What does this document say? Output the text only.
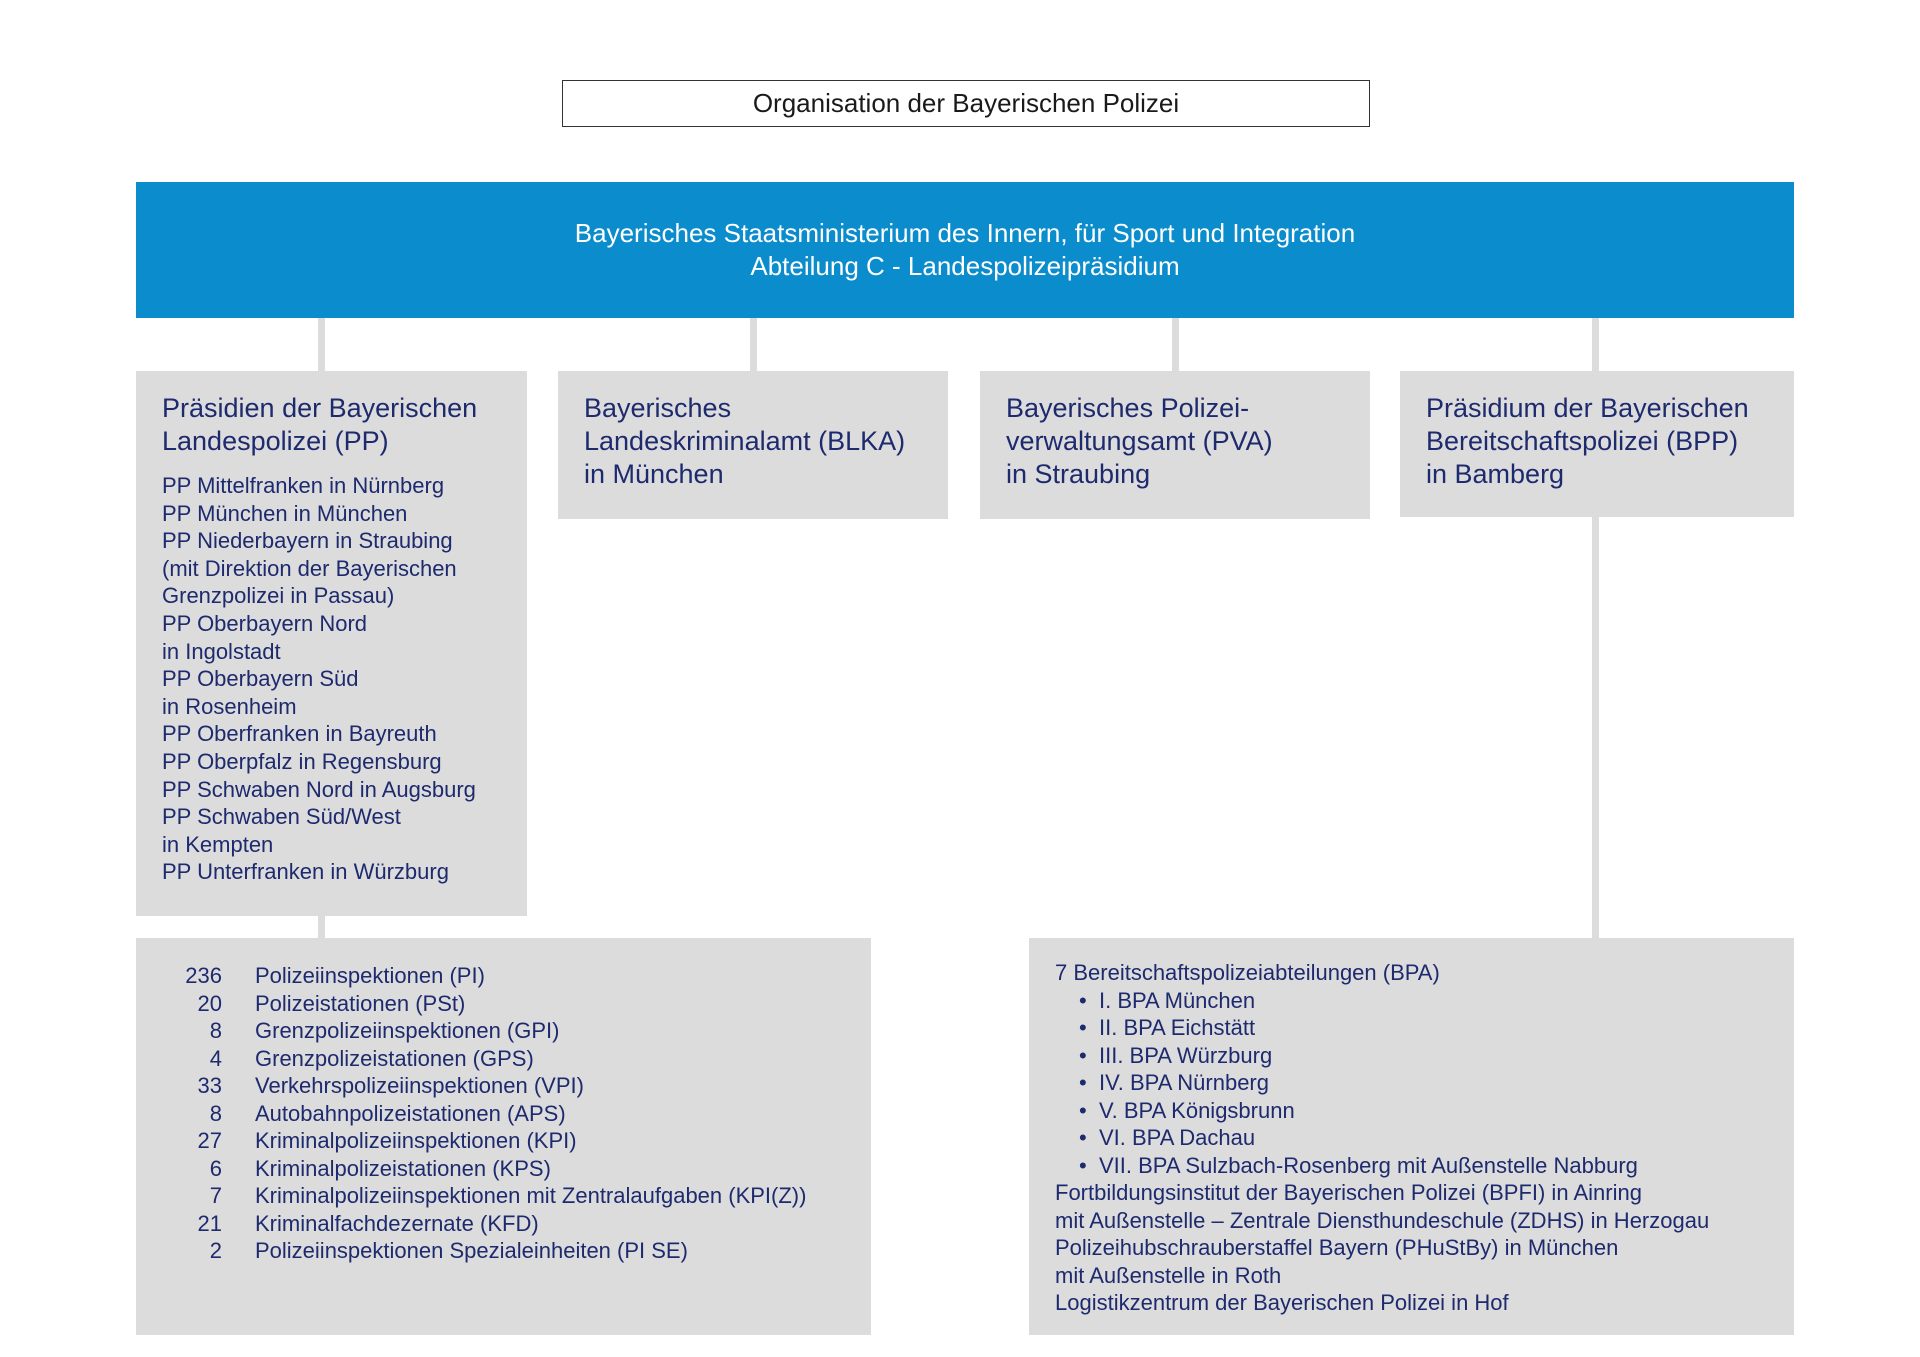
Organisation der Bayerischen Polizei
Bayerisches Staatsministerium des Innern, für Sport und Integration
Abteilung C - Landespolizeipräsidium
Präsidien der Bayerischen
Landespolizei (PP)
PP Mittelfranken in Nürnberg
PP München in München
PP Niederbayern in Straubing
(mit Direktion der Bayerischen
Grenzpolizei in Passau)
PP Oberbayern Nord
in Ingolstadt
PP Oberbayern Süd
in Rosenheim
PP Oberfranken in Bayreuth
PP Oberpfalz in Regensburg
PP Schwaben Nord in Augsburg
PP Schwaben Süd/West
in Kempten
PP Unterfranken in Würzburg
Bayerisches
Landeskriminalamt (BLKA)
in München
Bayerisches Polizei-
verwaltungsamt (PVA)
in Straubing
Präsidium der Bayerischen
Bereitschaftspolizei (BPP)
in Bamberg
236 Polizeiinspektionen (PI)
20 Polizeistationen (PSt)
8 Grenzpolizeiinspektionen (GPI)
4 Grenzpolizeistationen (GPS)
33 Verkehrspolizeiinspektionen (VPI)
8 Autobahnpolizeistationen (APS)
27 Kriminalpolizeiinspektionen (KPI)
6 Kriminalpolizeistationen (KPS)
7 Kriminalpolizeiinspektionen mit Zentralaufgaben (KPI(Z))
21 Kriminalfachdezernate (KFD)
2 Polizeiinspektionen Spezialeinheiten (PI SE)
7 Bereitschaftspolizeiabteilungen (BPA)
• I. BPA München
• II. BPA Eichstätt
• III. BPA Würzburg
• IV. BPA Nürnberg
• V. BPA Königsbrunn
• VI. BPA Dachau
• VII. BPA Sulzbach-Rosenberg mit Außenstelle Nabburg
Fortbildungsinstitut der Bayerischen Polizei (BPFI) in Ainring
mit Außenstelle – Zentrale Diensthundeschule (ZDHS) in Herzogau
Polizeihubschrauberstaffel Bayern (PHuStBy) in München
mit Außenstelle in Roth
Logistikzentrum der Bayerischen Polizei in Hof
